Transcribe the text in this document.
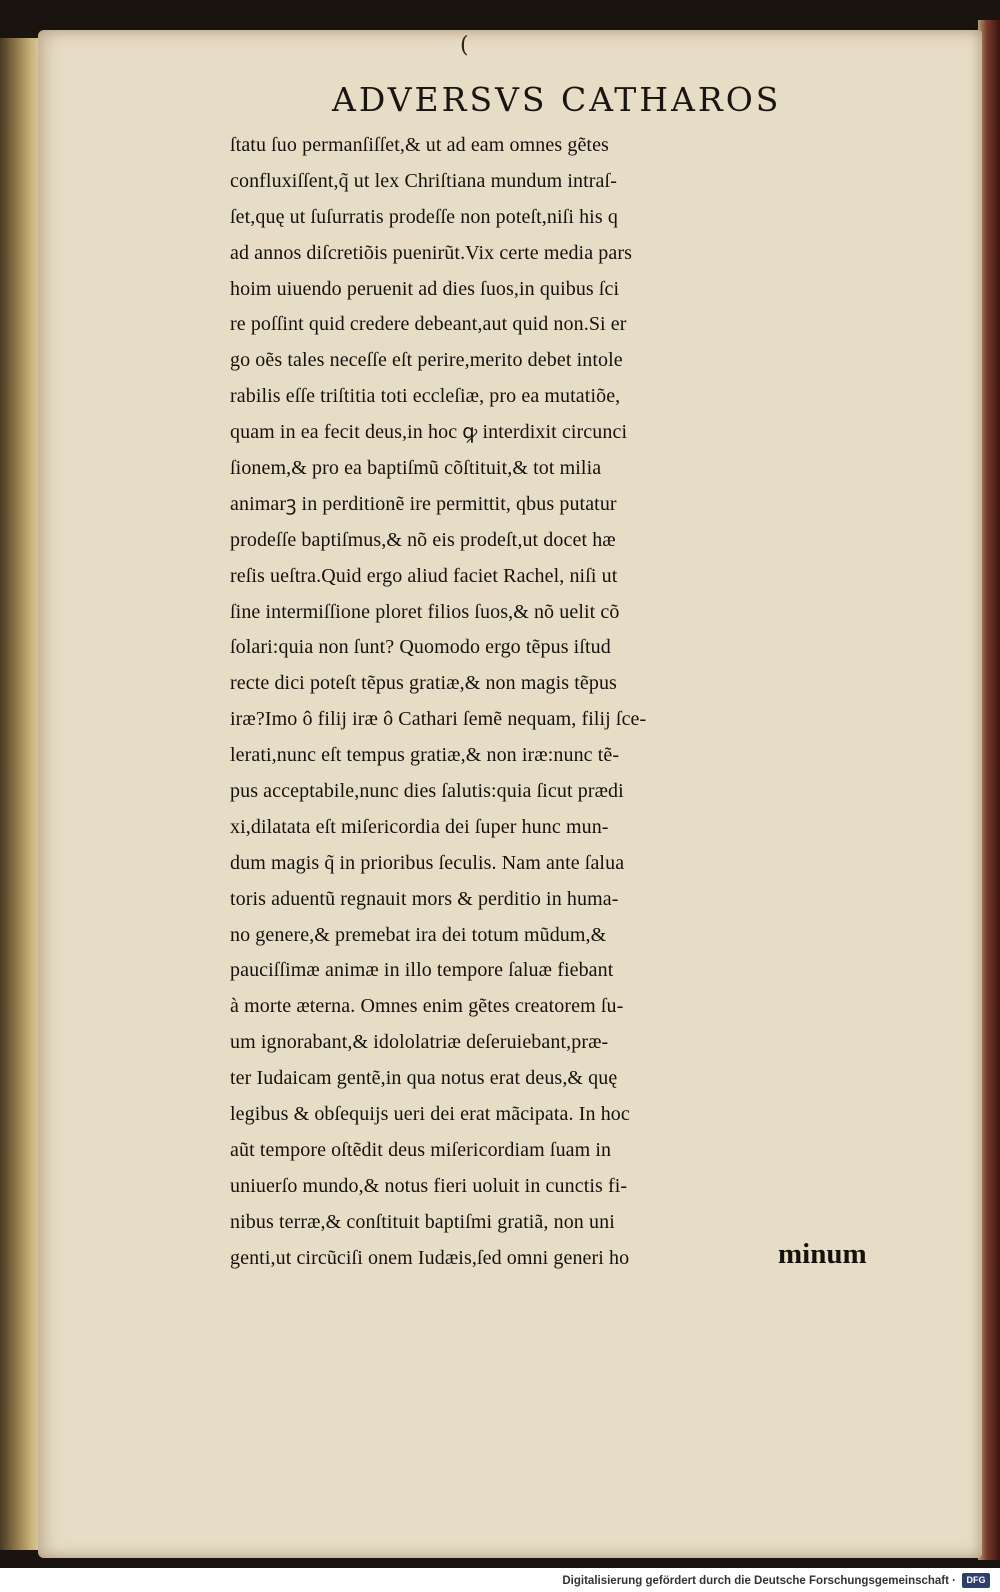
(
ADVERSVS CATHAROS
ſtatu ſuo permanſiſſet,& ut ad eam omnes gẽtes
confluxiſſent,q̃ ut lex Chriſtiana mundum intraſ-
ſet,quę ut ſuſurratis prodeſſe non poteſt,niſi his q
ad annos diſcretiõis puenirũt.Vix certe media pars
hoim uiuendo peruenit ad dies ſuos,in quibus ſci
re poſſint quid credere debeant,aut quid non.Si er
go oẽs tales neceſſe eſt perire,merito debet intole
rabilis eſſe triſtitia toti eccleſiæ, pro ea mutatiõe,
quam in ea fecit deus,in hoc ꝙ interdixit circunci
ſionem,& pro ea baptiſmũ cõſtituit,& tot milia
animarꝫ in perditionẽ ire permittit, qbus putatur
prodeſſe baptiſmus,& nõ eis prodeſt,ut docet hæ
reſis ueſtra.Quid ergo aliud faciet Rachel, niſi ut
ſine intermiſſione ploret filios ſuos,& nõ uelit cõ
ſolari:quia non ſunt? Quomodo ergo tẽpus iſtud
recte dici poteſt tẽpus gratiæ,& non magis tẽpus
iræ?Imo ô filij iræ ô Cathari ſemẽ nequam, filij ſce-
lerati,nunc eſt tempus gratiæ,& non iræ:nunc tẽ-
pus acceptabile,nunc dies ſalutis:quia ſicut prædi
xi,dilatata eſt miſericordia dei ſuper hunc mun-
dum magis q̃ in prioribus ſeculis. Nam ante ſalua
toris aduentũ regnauit mors & perditio in huma-
no genere,& premebat ira dei totum mũdum,&
pauciſſimæ animæ in illo tempore ſaluæ fiebant
à morte æterna. Omnes enim gẽtes creatorem ſu-
um ignorabant,& idololatriæ deſeruiebant,præ-
ter Iudaicam gentẽ,in qua notus erat deus,& quę
legibus & obſequijs ueri dei erat mãcipata. In hoc
aũt tempore oſtẽdit deus miſericordiam ſuam in
uniuerſo mundo,& notus fieri uoluit in cunctis fi-
nibus terræ,& conſtituit baptiſmi gratiã, non uni
genti,ut circũciſi onem Iudæis,ſed omni generi ho	minum
Digitalisierung gefördert durch die Deutsche Forschungsgemeinschaft ·	DFG
